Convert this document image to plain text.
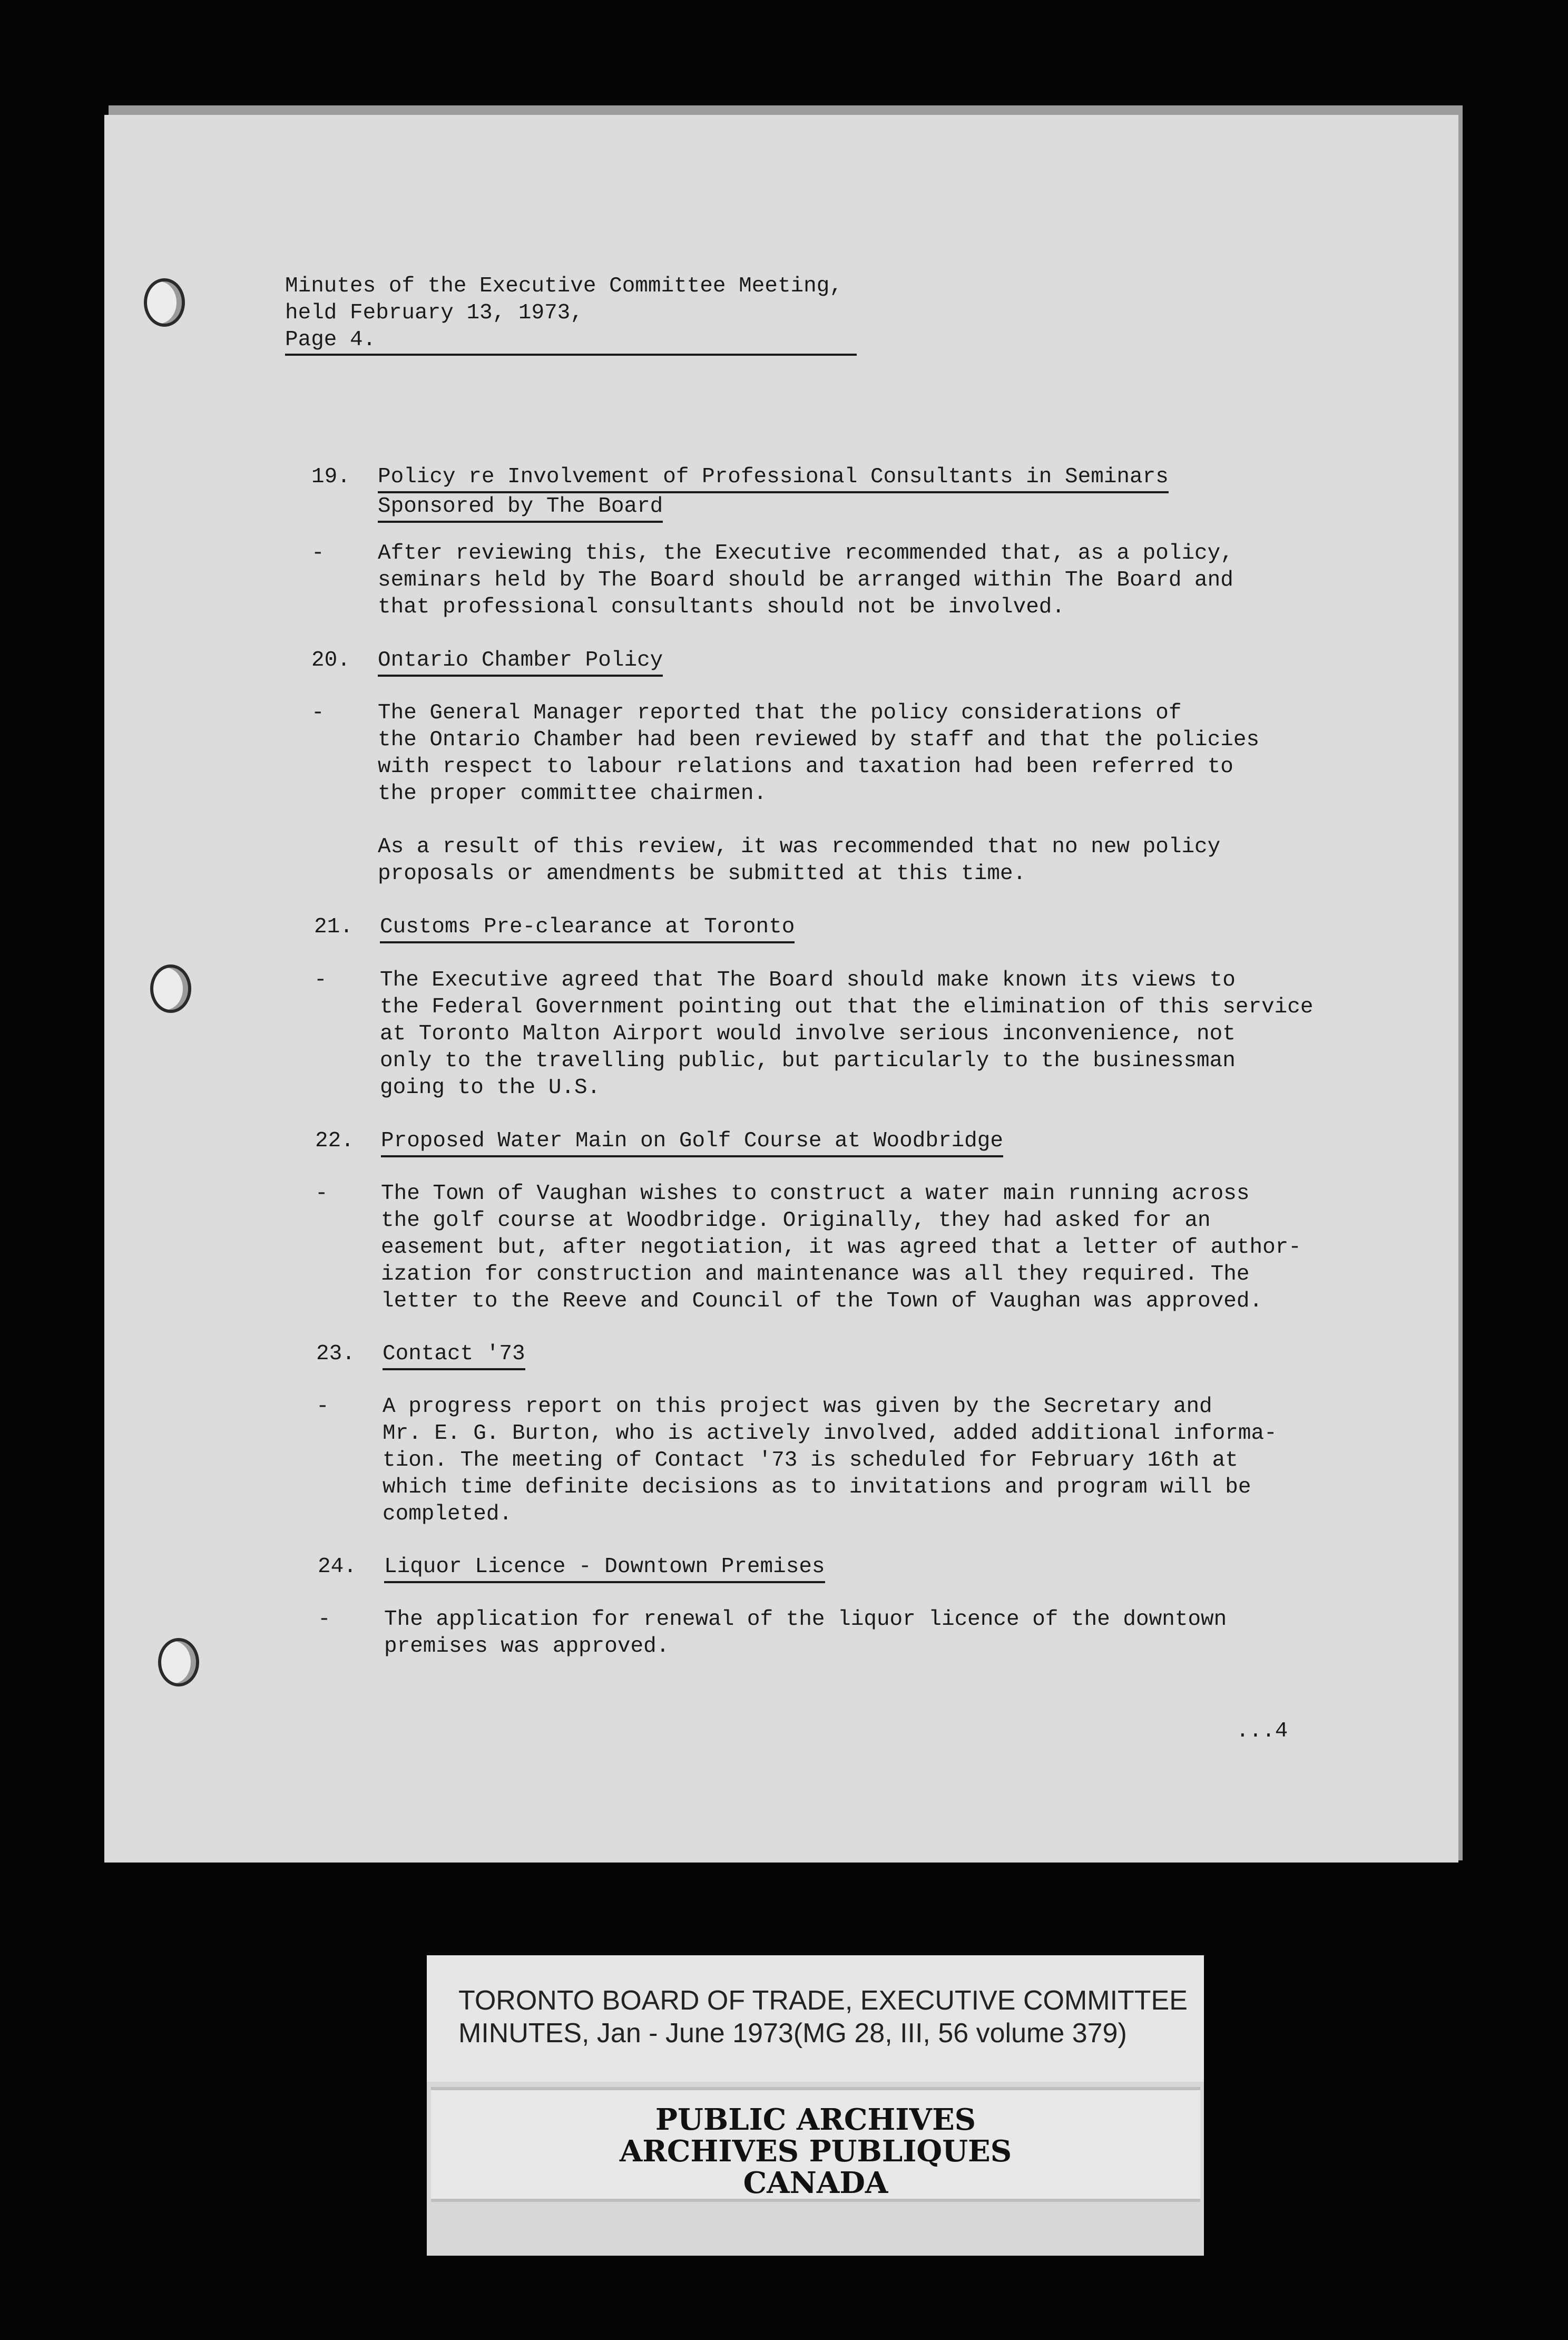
Minutes of the Executive Committee Meeting,
held February 13, 1973,
Page 4.
19. Policy re Involvement of Professional Consultants in Seminars
Sponsored by The Board
- After reviewing this, the Executive recommended that, as a policy,
seminars held by The Board should be arranged within The Board and
that professional consultants should not be involved.
20. Ontario Chamber Policy
- The General Manager reported that the policy considerations of
the Ontario Chamber had been reviewed by staff and that the policies
with respect to labour relations and taxation had been referred to
the proper committee chairmen.
As a result of this review, it was recommended that no new policy
proposals or amendments be submitted at this time.
21. Customs Pre-clearance at Toronto
- The Executive agreed that The Board should make known its views to
the Federal Government pointing out that the elimination of this service
at Toronto Malton Airport would involve serious inconvenience, not
only to the travelling public, but particularly to the businessman
going to the U.S.
22. Proposed Water Main on Golf Course at Woodbridge
- The Town of Vaughan wishes to construct a water main running across
the golf course at Woodbridge. Originally, they had asked for an
easement but, after negotiation, it was agreed that a letter of author-
ization for construction and maintenance was all they required. The
letter to the Reeve and Council of the Town of Vaughan was approved.
23. Contact '73
- A progress report on this project was given by the Secretary and
Mr. E. G. Burton, who is actively involved, added additional informa-
tion. The meeting of Contact '73 is scheduled for February 16th at
which time definite decisions as to invitations and program will be
completed.
24. Liquor Licence - Downtown Premises
- The application for renewal of the liquor licence of the downtown
premises was approved.
...4
TORONTO BOARD OF TRADE, EXECUTIVE COMMITTEE
MINUTES, Jan - June 1973(MG 28, III, 56 volume 379)
PUBLIC ARCHIVES
ARCHIVES PUBLIQUES
CANADA
